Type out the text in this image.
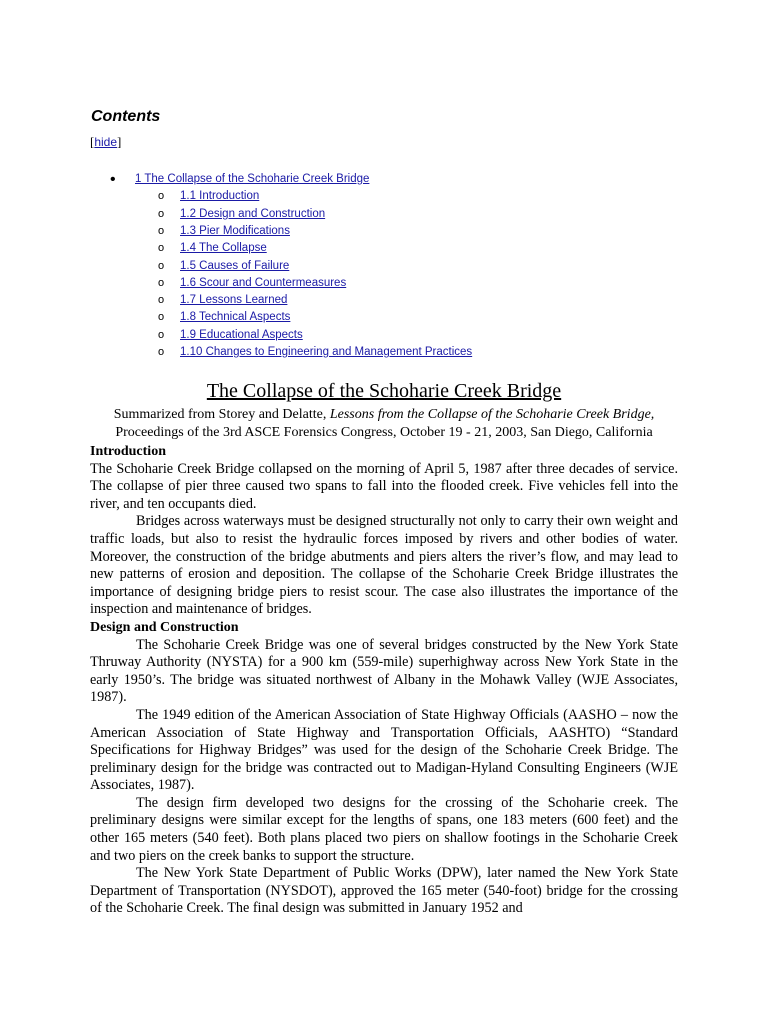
Contents
[hide]
• 1 The Collapse of the Schoharie Creek Bridge
o 1.1 Introduction
o 1.2 Design and Construction
o 1.3 Pier Modifications
o 1.4 The Collapse
o 1.5 Causes of Failure
o 1.6 Scour and Countermeasures
o 1.7 Lessons Learned
o 1.8 Technical Aspects
o 1.9 Educational Aspects
o 1.10 Changes to Engineering and Management Practices
The Collapse of the Schoharie Creek Bridge
Summarized from Storey and Delatte, Lessons from the Collapse of the Schoharie Creek Bridge,
Proceedings of the 3rd ASCE Forensics Congress, October 19 - 21, 2003, San Diego, California
Introduction

The Schoharie Creek Bridge collapsed on the morning of April 5, 1987 after three decades of service. The collapse of pier three caused two spans to fall into the flooded creek. Five vehicles fell into the river, and ten occupants died.

Bridges across waterways must be designed structurally not only to carry their own weight and traffic loads, but also to resist the hydraulic forces imposed by rivers and other bodies of water. Moreover, the construction of the bridge abutments and piers alters the river’s flow, and may lead to new patterns of erosion and deposition. The collapse of the Schoharie Creek Bridge illustrates the importance of designing bridge piers to resist scour. The case also illustrates the importance of the inspection and maintenance of bridges.

Design and Construction

The Schoharie Creek Bridge was one of several bridges constructed by the New York State Thruway Authority (NYSTA) for a 900 km (559-mile) superhighway across New York State in the early 1950’s. The bridge was situated northwest of Albany in the Mohawk Valley (WJE Associates, 1987).

The 1949 edition of the American Association of State Highway Officials (AASHO – now the American Association of State Highway and Transportation Officials, AASHTO) “Standard Specifications for Highway Bridges” was used for the design of the Schoharie Creek Bridge. The preliminary design for the bridge was contracted out to Madigan-Hyland Consulting Engineers (WJE Associates, 1987).

The design firm developed two designs for the crossing of the Schoharie creek. The preliminary designs were similar except for the lengths of spans, one 183 meters (600 feet) and the other 165 meters (540 feet). Both plans placed two piers on shallow footings in the Schoharie Creek and two piers on the creek banks to support the structure.

The New York State Department of Public Works (DPW), later named the New York State Department of Transportation (NYSDOT), approved the 165 meter (540-foot) bridge for the crossing of the Schoharie Creek. The final design was submitted in January 1952 and
